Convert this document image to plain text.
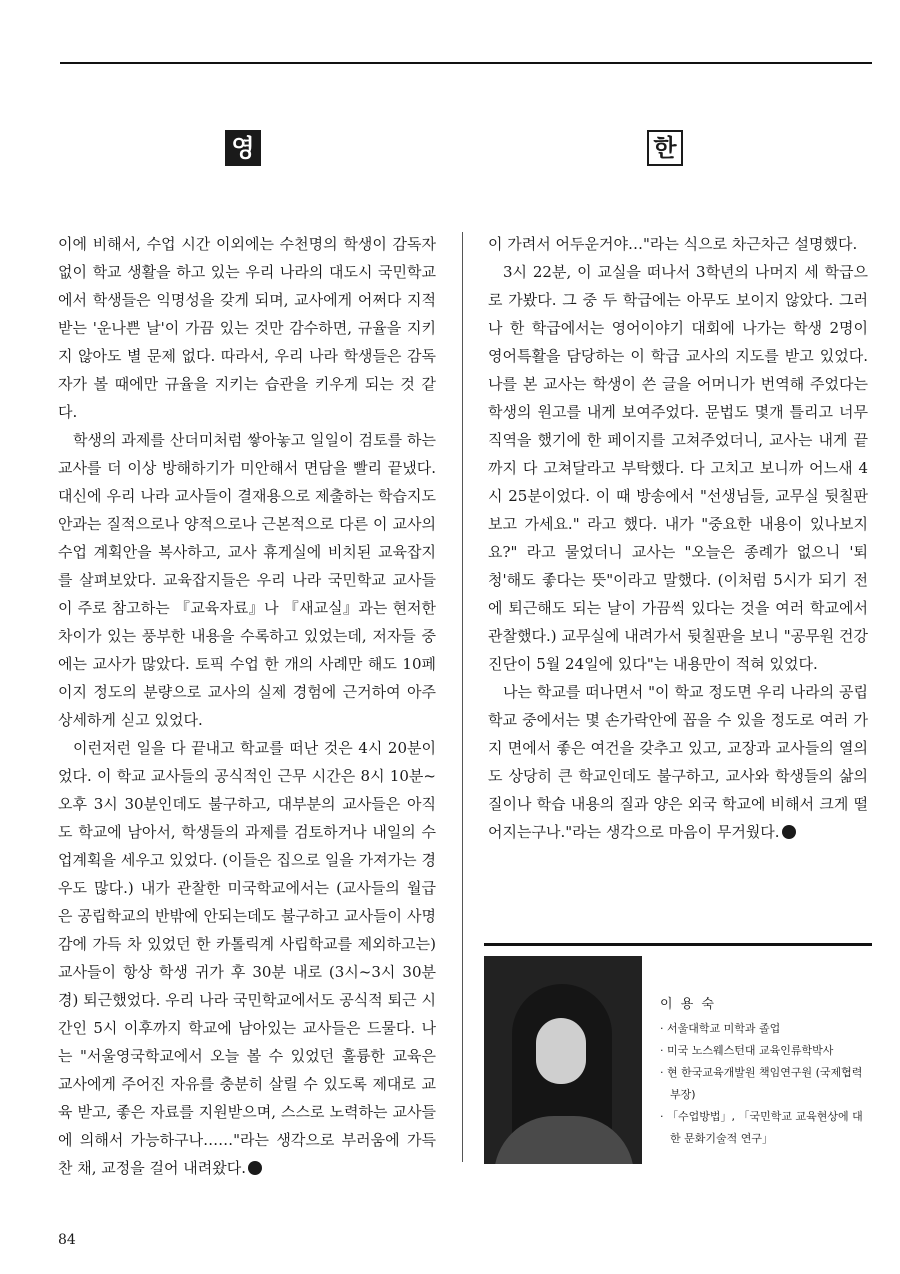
영	한

이에 비해서, 수업 시간 이외에는 수천명의 학생이 감독자 없이 학교 생활을 하고 있는 우리 나라의 대도시 국민학교에서 학생들은 익명성을 갖게 되며, 교사에게 어쩌다 지적받는 '운나쁜 날'이 가끔 있는 것만 감수하면, 규율을 지키지 않아도 별 문제 없다. 따라서, 우리 나라 학생들은 감독자가 볼 때에만 규율을 지키는 습관을 키우게 되는 것 같다.

학생의 과제를 산더미처럼 쌓아놓고 일일이 검토를 하는 교사를 더 이상 방해하기가 미안해서 면담을 빨리 끝냈다. 대신에 우리 나라 교사들이 결재용으로 제출하는 학습지도안과는 질적으로나 양적으로나 근본적으로 다른 이 교사의 수업 계획안을 복사하고, 교사 휴게실에 비치된 교육잡지를 살펴보았다. 교육잡지들은 우리 나라 국민학교 교사들이 주로 참고하는 『교육자료』나 『새교실』과는 현저한 차이가 있는 풍부한 내용을 수록하고 있었는데, 저자들 중에는 교사가 많았다. 토픽 수업 한 개의 사례만 해도 10페이지 정도의 분량으로 교사의 실제 경험에 근거하여 아주 상세하게 싣고 있었다.

이런저런 일을 다 끝내고 학교를 떠난 것은 4시 20분이었다. 이 학교 교사들의 공식적인 근무 시간은 8시 10분~오후 3시 30분인데도 불구하고, 대부분의 교사들은 아직도 학교에 남아서, 학생들의 과제를 검토하거나 내일의 수업계획을 세우고 있었다. (이들은 집으로 일을 가져가는 경우도 많다.) 내가 관찰한 미국학교에서는 (교사들의 월급은 공립학교의 반밖에 안되는데도 불구하고 교사들이 사명감에 가득 차 있었던 한 카톨릭계 사립학교를 제외하고는) 교사들이 항상 학생 귀가 후 30분 내로 (3시~3시 30분경) 퇴근했었다. 우리 나라 국민학교에서도 공식적 퇴근 시간인 5시 이후까지 학교에 남아있는 교사들은 드물다. 나는 "서울영국학교에서 오늘 볼 수 있었던 훌륭한 교육은 교사에게 주어진 자유를 충분히 살릴 수 있도록 제대로 교육 받고, 좋은 자료를 지원받으며, 스스로 노력하는 교사들에 의해서 가능하구나……"라는 생각으로 부러움에 가득찬 채, 교정을 걸어 내려왔다.

이 가려서 어두운거야…"라는 식으로 차근차근 설명했다.

3시 22분, 이 교실을 떠나서 3학년의 나머지 세 학급으로 가봤다. 그 중 두 학급에는 아무도 보이지 않았다. 그러나 한 학급에서는 영어이야기 대회에 나가는 학생 2명이 영어특활을 담당하는 이 학급 교사의 지도를 받고 있었다. 나를 본 교사는 학생이 쓴 글을 어머니가 번역해 주었다는 학생의 원고를 내게 보여주었다. 문법도 몇개 틀리고 너무 직역을 했기에 한 페이지를 고쳐주었더니, 교사는 내게 끝까지 다 고쳐달라고 부탁했다. 다 고치고 보니까 어느새 4시 25분이었다. 이 때 방송에서 "선생님들, 교무실 뒷칠판 보고 가세요." 라고 했다. 내가 "중요한 내용이 있나보지요?" 라고 물었더니 교사는 "오늘은 종례가 없으니 '퇴청'해도 좋다는 뜻"이라고 말했다. (이처럼 5시가 되기 전에 퇴근해도 되는 날이 가끔씩 있다는 것을 여러 학교에서 관찰했다.) 교무실에 내려가서 뒷칠판을 보니 "공무원 건강진단이 5월 24일에 있다"는 내용만이 적혀 있었다.

나는 학교를 떠나면서 "이 학교 정도면 우리 나라의 공립학교 중에서는 몇 손가락안에 꼽을 수 있을 정도로 여러 가지 면에서 좋은 여건을 갖추고 있고, 교장과 교사들의 열의도 상당히 큰 학교인데도 불구하고, 교사와 학생들의 삶의 질이나 학습 내용의 질과 양은 외국 학교에 비해서 크게 떨어지는구나."라는 생각으로 마음이 무거웠다.

이 용 숙
· 서울대학교 미학과 졸업
· 미국 노스웨스턴대 교육인류학박사
· 현 한국교육개발원 책임연구원 (국제협력부장)
· 「수업방법」, 「국민학교 교육현상에 대한 문화기술적 연구」
84
